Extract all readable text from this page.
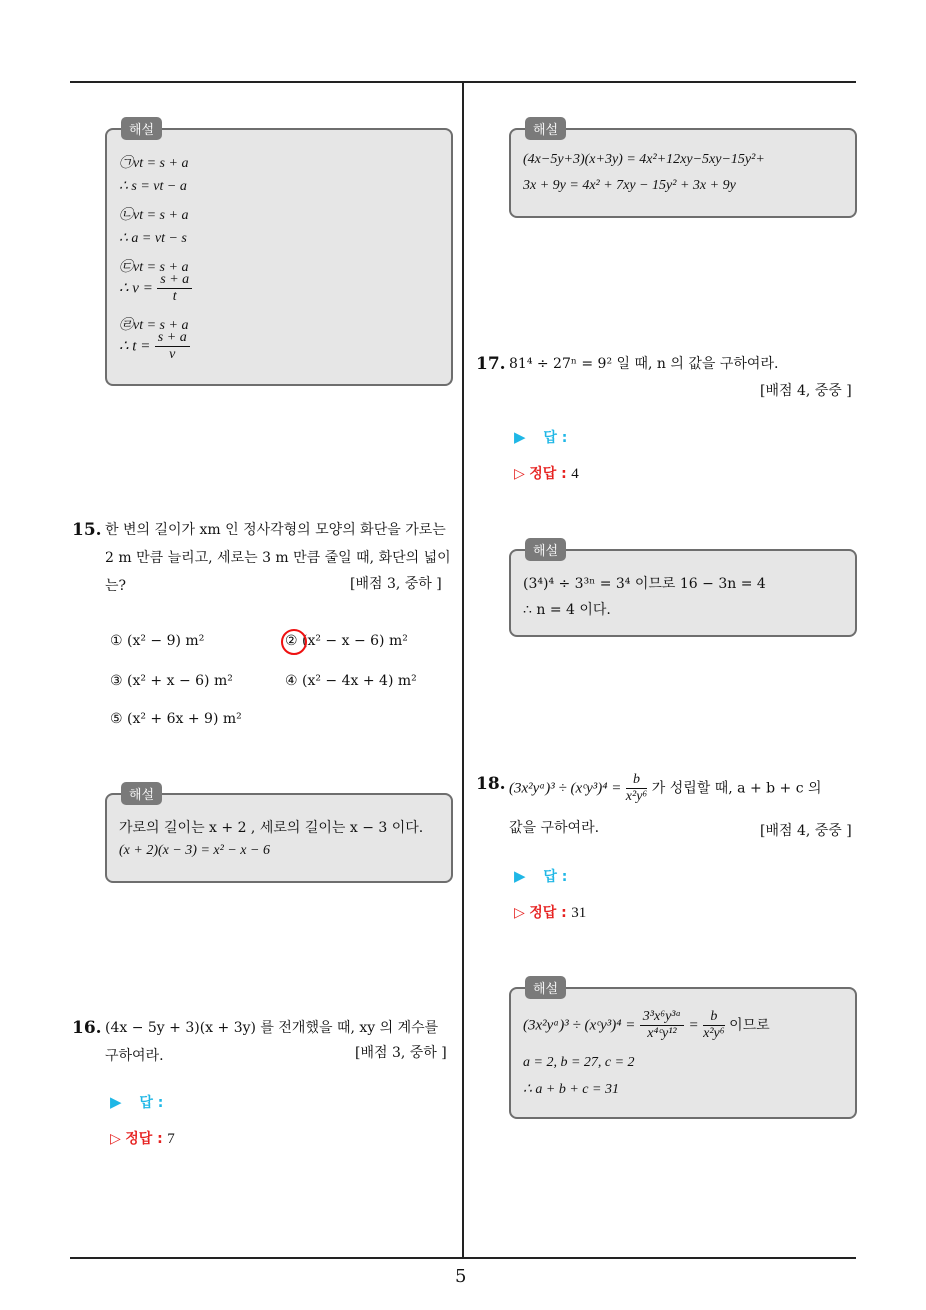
5
해설
㉠vt = s + a
∴ s = vt − a
㉡vt = s + a
∴ a = vt − s
㉢vt = s + a
∴ $v = \frac{s + a}{t}$
㉣vt = s + a
∴ $t = \frac{s + a}{v}$
15. 한 변의 길이가 xm 인 정사각형의 모양의 화단을 가로는 2 m 만큼 늘리고, 세로는 3 m 만큼 줄일 때, 화단의 넓이는?	[배점 3, 중하 ]
① (x² − 9) m²	② (x² − x − 6) m²
③ (x² + x − 6) m²	④ (x² − 4x + 4) m²
⑤ (x² + 6x + 9) m²
해설
가로의 길이는 x + 2 , 세로의 길이는 x − 3 이다.
(x + 2)(x − 3) = x² − x − 6
16. (4x − 5y + 3)(x + 3y) 를 전개했을 때, xy 의 계수를 구하여라.	[배점 3, 중하 ]
▶ 답 :
▷ 정답 : 7
해설
(4x−5y+3)(x+3y) = 4x²+12xy−5xy−15y²+
3x + 9y = 4x² + 7xy − 15y² + 3x + 9y
17. 81⁴ ÷ 27ⁿ = 9² 일 때, n 의 값을 구하여라.
[배점 4, 중중 ]
▶ 답 :
▷ 정답 : 4
해설
(3⁴)⁴ ÷ 3³ⁿ = 3⁴ 이므로 16 − 3n = 4
∴ n = 4 이다.
18. (3x²yᵃ)³ ÷ (xᶜy³)⁴ = $\frac{b}{\text{x²y⁶}}$ 가 성립할 때, a + b + c 의
값을 구하여라.	[배점 4, 중중 ]
▶ 답 :
▷ 정답 : 31
해설
(3x²yᵃ)³ ÷ (xᶜy³)⁴ = $\frac{\text{3³x⁶y³ᵃ}}{\text{x⁴ᶜy¹²}} = \frac{b}{\text{x²y⁶}}$ 이므로
a = 2, b = 27, c = 2
∴ a + b + c = 31
